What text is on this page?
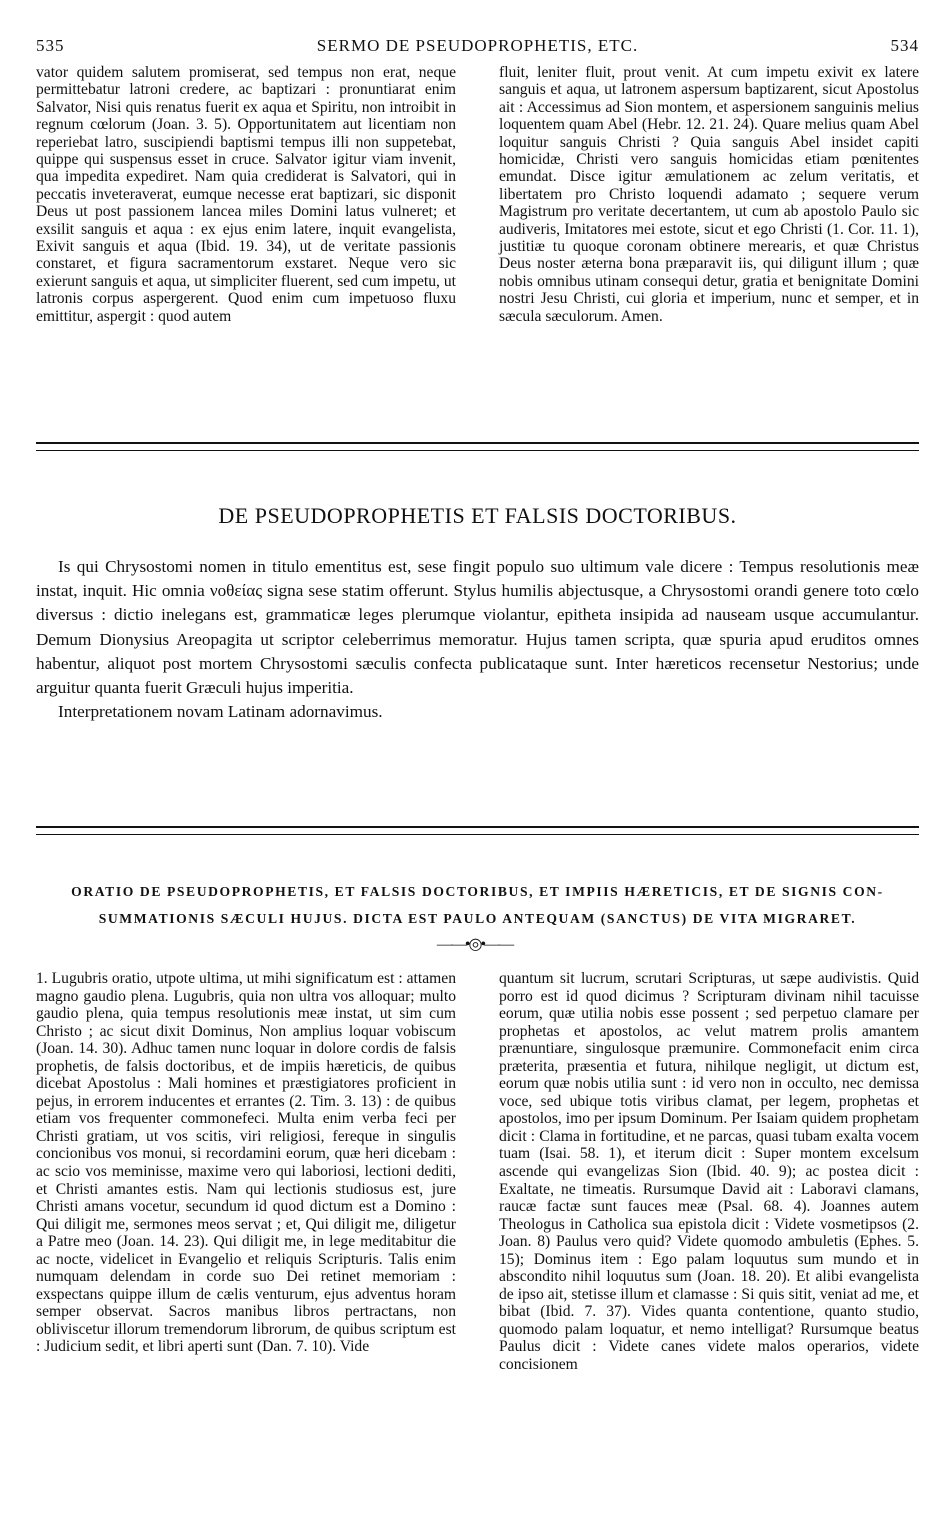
535	SERMO DE PSEUDOPROPHETIS, ETC.	534

vator quidem salutem promiserat, sed tempus non erat, neque permittebatur latroni credere, ac baptizari : pronuntiarat enim Salvator, Nisi quis renatus fuerit ex aqua et Spiritu, non introibit in regnum cœlorum (Joan. 3. 5). Opportunitatem aut licentiam non reperiebat latro, suscipiendi baptismi tempus illi non suppetebat, quippe qui suspensus esset in cruce. Salvator igitur viam invenit, qua impedita expediret. Nam quia crediderat is Salvatori, qui in peccatis inveteraverat, eumque necesse erat baptizari, sic disponit Deus ut post passionem lancea miles Domini latus vulneret; et exsilit sanguis et aqua : ex ejus enim latere, inquit evangelista, Exivit sanguis et aqua (Ibid. 19. 34), ut de veritate passionis constaret, et figura sacramentorum exstaret. Neque vero sic exierunt sanguis et aqua, ut simpliciter fluerent, sed cum impetu, ut latronis corpus aspergerent. Quod enim cum impetuoso fluxu emittitur, aspergit : quod autem

fluit, leniter fluit, prout venit. At cum impetu exivit ex latere sanguis et aqua, ut latronem aspersum baptizarent, sicut Apostolus ait : Accessimus ad Sion montem, et aspersionem sanguinis melius loquentem quam Abel (Hebr. 12. 21. 24). Quare melius quam Abel loquitur sanguis Christi ? Quia sanguis Abel insidet capiti homicidæ, Christi vero sanguis homicidas etiam pœnitentes emundat. Disce igitur æmulationem ac zelum veritatis, et libertatem pro Christo loquendi adamato ; sequere verum Magistrum pro veritate decertantem, ut cum ab apostolo Paulo sic audiveris, Imitatores mei estote, sicut et ego Christi (1. Cor. 11. 1), justitiæ tu quoque coronam obtinere merearis, et quæ Christus Deus noster æterna bona præparavit iis, qui diligunt illum ; quæ nobis omnibus utinam consequi detur, gratia et benignitate Domini nostri Jesu Christi, cui gloria et imperium, nunc et semper, et in sæcula sæculorum. Amen.

DE PSEUDOPROPHETIS ET FALSIS DOCTORIBUS.

Is qui Chrysostomi nomen in titulo ementitus est, sese fingit populo suo ultimum vale dicere : Tempus resolutionis meæ instat, inquit. Hic omnia νοθείας signa sese statim offerunt. Stylus humilis abjectusque, a Chrysostomi orandi genere toto cœlo diversus : dictio inelegans est, grammaticæ leges plerumque violantur, epitheta insipida ad nauseam usque accumulantur. Demum Dionysius Areopagita ut scriptor celeberrimus memoratur. Hujus tamen scripta, quæ spuria apud eruditos omnes habentur, aliquot post mortem Chrysostomi sæculis confecta publicataque sunt. Inter hæreticos recensetur Nestorius; unde arguitur quanta fuerit Græculi hujus imperitia.

Interpretationem novam Latinam adornavimus.

ORATIO DE PSEUDOPROPHETIS, ET FALSIS DOCTORIBUS, ET IMPIIS HÆRETICIS, ET DE SIGNIS CON-
SUMMATIONIS SÆCULI HUJUS. DICTA EST PAULO ANTEQUAM (SANCTUS) DE VITA MIGRARET.
——•◎•——

1. Lugubris oratio, utpote ultima, ut mihi significatum est : attamen magno gaudio plena. Lugubris, quia non ultra vos alloquar; multo gaudio plena, quia tempus resolutionis meæ instat, ut sim cum Christo ; ac sicut dixit Dominus, Non amplius loquar vobiscum (Joan. 14. 30). Adhuc tamen nunc loquar in dolore cordis de falsis prophetis, de falsis doctoribus, et de impiis hæreticis, de quibus dicebat Apostolus : Mali homines et præstigiatores proficient in pejus, in errorem inducentes et errantes (2. Tim. 3. 13) : de quibus etiam vos frequenter commonefeci. Multa enim verba feci per Christi gratiam, ut vos scitis, viri religiosi, fereque in singulis concionibus vos monui, si recordamini eorum, quæ heri dicebam : ac scio vos meminisse, maxime vero qui laboriosi, lectioni dediti, et Christi amantes estis. Nam qui lectionis studiosus est, jure Christi amans vocetur, secundum id quod dictum est a Domino : Qui diligit me, sermones meos servat ; et, Qui diligit me, diligetur a Patre meo (Joan. 14. 23). Qui diligit me, in lege meditabitur die ac nocte, videlicet in Evangelio et reliquis Scripturis. Talis enim numquam delendam in corde suo Dei retinet memoriam : exspectans quippe illum de cælis venturum, ejus adventus horam semper observat. Sacros manibus libros pertractans, non obliviscetur illorum tremendorum librorum, de quibus scriptum est : Judicium sedit, et libri aperti sunt (Dan. 7. 10). Vide

quantum sit lucrum, scrutari Scripturas, ut sæpe audivistis. Quid porro est id quod dicimus ? Scripturam divinam nihil tacuisse eorum, quæ utilia nobis esse possent ; sed perpetuo clamare per prophetas et apostolos, ac velut matrem prolis amantem prænuntiare, singulosque præmunire. Commonefacit enim circa præterita, præsentia et futura, nihilque negligit, ut dictum est, eorum quæ nobis utilia sunt : id vero non in occulto, nec demissa voce, sed ubique totis viribus clamat, per legem, prophetas et apostolos, imo per ipsum Dominum. Per Isaiam quidem prophetam dicit : Clama in fortitudine, et ne parcas, quasi tubam exalta vocem tuam (Isai. 58. 1), et iterum dicit : Super montem excelsum ascende qui evangelizas Sion (Ibid. 40. 9); ac postea dicit : Exaltate, ne timeatis. Rursumque David ait : Laboravi clamans, raucæ factæ sunt fauces meæ (Psal. 68. 4). Joannes autem Theologus in Catholica sua epistola dicit : Videte vosmetipsos (2. Joan. 8) Paulus vero quid? Videte quomodo ambuletis (Ephes. 5. 15); Dominus item : Ego palam loquutus sum mundo et in abscondito nihil loquutus sum (Joan. 18. 20). Et alibi evangelista de ipso ait, stetisse illum et clamasse : Si quis sitit, veniat ad me, et bibat (Ibid. 7. 37). Vides quanta contentione, quanto studio, quomodo palam loquatur, et nemo intelligat? Rursumque beatus Paulus dicit : Videte canes videte malos operarios, videte concisionem
